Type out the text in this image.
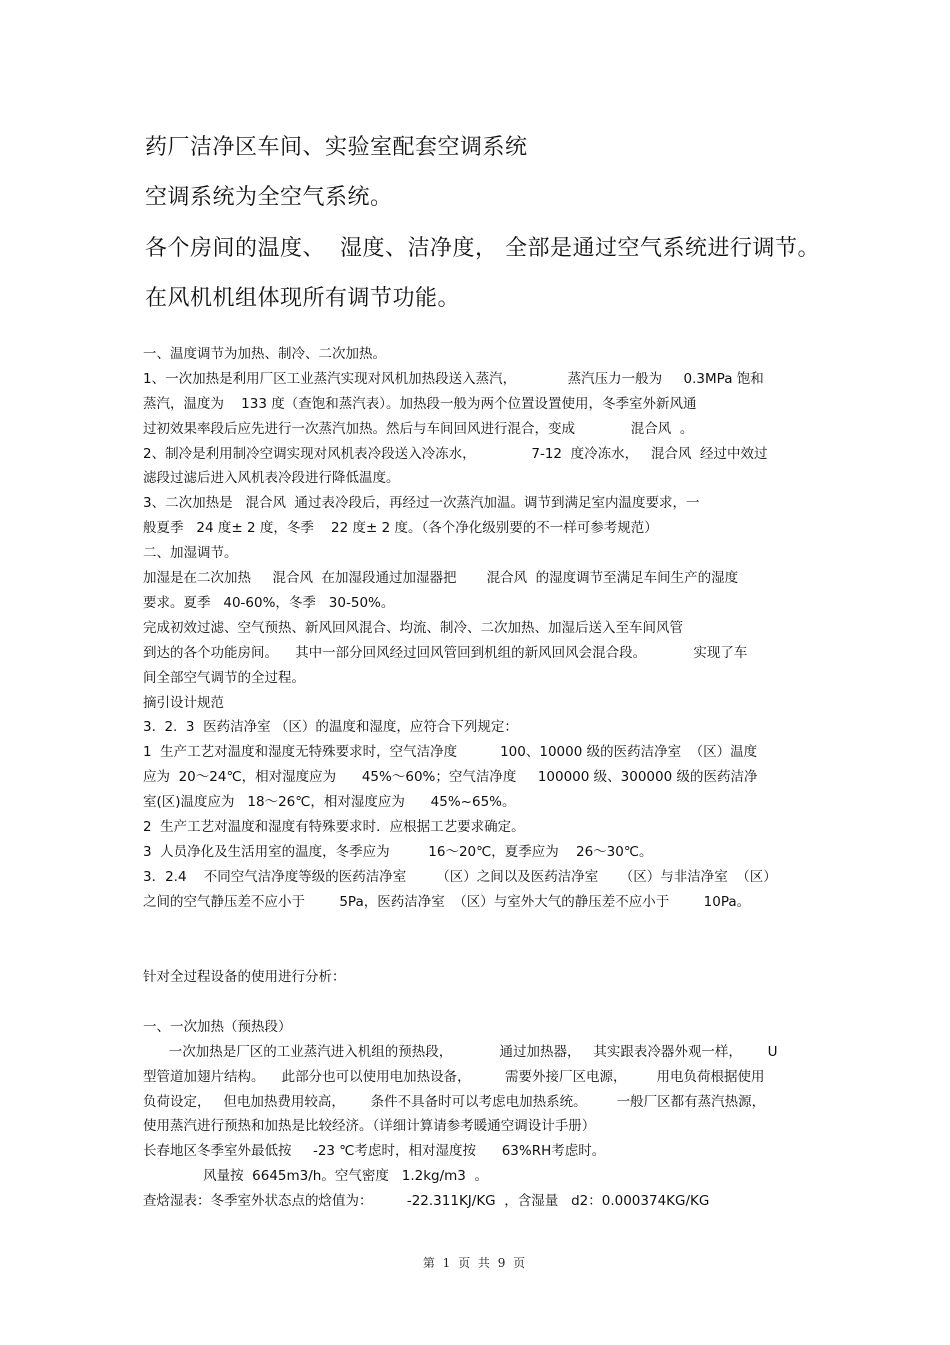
药厂洁净区车间、实验室配套空调系统
空调系统为全空气系统。
各个房间的温度、  湿度、洁净度， 全部是通过空气系统进行调节。
在风机机组体现所有调节功能。
一、温度调节为加热、制冷、二次加热。
1、一次加热是利用厂区工业蒸汽实现对风机加热段送入蒸汽，            蒸汽压力一般为     0.3MPa 饱和
蒸汽，温度为    133 度（查饱和蒸汽表）。加热段一般为两个位置设置使用，冬季室外新风通
过初效果率段后应先进行一次蒸汽加热。然后与车间回风进行混合，变成             混合风  。
2、制冷是利用制冷空调实现对风机表冷段送入冷冻水，             7-12  度冷冻水，   混合风  经过中效过
滤段过滤后进入风机表冷段进行降低温度。
3、二次加热是   混合风  通过表冷段后，再经过一次蒸汽加温。调节到满足室内温度要求，一
般夏季   24 度± 2 度，冬季    22 度± 2 度。（各个净化级别要的不一样可参考规范）
二、加湿调节。
加湿是在二次加热     混合风  在加湿段通过加湿器把       混合风  的湿度调节至满足车间生产的湿度
要求。夏季   40-60%，冬季   30-50%。
完成初效过滤、空气预热、新风回风混合、均流、制冷、二次加热、加湿后送入至车间风管
到达的各个功能房间。    其中一部分回风经过回风管回到机组的新风回风会混合段。           实现了车
间全部空气调节的全过程。
摘引设计规范
3.  2.  3  医药洁净室 （区）的温度和湿度，应符合下列规定：
1  生产工艺对温度和湿度无特殊要求时，空气洁净度          100、10000 级的医药洁净室  （区）温度
应为  20～24℃，相对湿度应为      45%～60%；空气洁净度     100000 级、300000 级的医药洁净
室(区)温度应为   18～26℃，相对湿度应为      45%~65%。
2  生产工艺对温度和湿度有特殊要求时．应根据工艺要求确定。
3  人员净化及生活用室的温度，冬季应为         16～20℃，夏季应为    26～30℃。
3．2.4    不同空气洁净度等级的医药洁净室       （区）之间以及医药洁净室     （区）与非洁净室  （区）
之间的空气静压差不应小于        5Pa，医药洁净室  （区）与室外大气的静压差不应小于        10Pa。
针对全过程设备的使用进行分析：
一、一次加热（预热段）
一次加热是厂区的工业蒸汽进入机组的预热段，           通过加热器，   其实跟表冷器外观一样，      U
型管道加翅片结构。    此部分也可以使用电加热设备，        需要外接厂区电源，       用电负荷根据使用
负荷设定，   但电加热费用较高，      条件不具备时可以考虑电加热系统。       一般厂区都有蒸汽热源，
使用蒸汽进行预热和加热是比较经济。（详细计算请参考暖通空调设计手册）
长春地区冬季室外最低按     -23 ℃考虑时，相对湿度按      63%RH考虑时。
风量按  6645m3/h。空气密度   1.2kg/m3  。
查焓湿表：冬季室外状态点的焓值为：        -22.311KJ/KG  ，含湿量   d2：0.000374KG/KG
第 1 页 共 9 页
